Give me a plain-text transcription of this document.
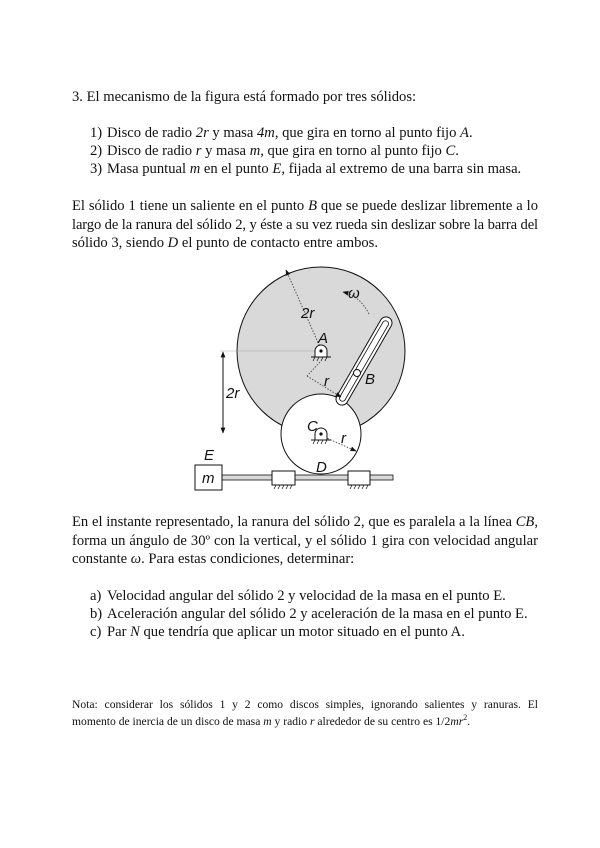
3. El mecanismo de la figura está formado por tres sólidos:
1) Disco de radio 2r y masa 4m, que gira en torno al punto fijo A.
2) Disco de radio r y masa m, que gira en torno al punto fijo C.
3) Masa puntual m en el punto E, fijada al extremo de una barra sin masa.
El sólido 1 tiene un saliente en el punto B que se puede deslizar libremente a lo
largo de la ranura del sólido 2, y éste a su vez rueda sin deslizar sobre la barra del
sólido 3, siendo D el punto de contacto entre ambos.
En el instante representado, la ranura del sólido 2, que es paralela a la línea CB,
forma un ángulo de 30º con la vertical, y el sólido 1 gira con velocidad angular
constante ω. Para estas condiciones, determinar:
a) Velocidad angular del sólido 2 y velocidad de la masa en el punto E.
b) Aceleración angular del sólido 2 y aceleración de la masa en el punto E.
c) Par N que tendría que aplicar un motor situado en el punto A.
Nota: considerar los sólidos 1 y 2 como discos simples, ignorando salientes y ranuras. El
momento de inercia de un disco de masa m y radio r alrededor de su centro es $1/2mr^2$.
2r
ω
A
r B
2r
C
r
E
m
D
